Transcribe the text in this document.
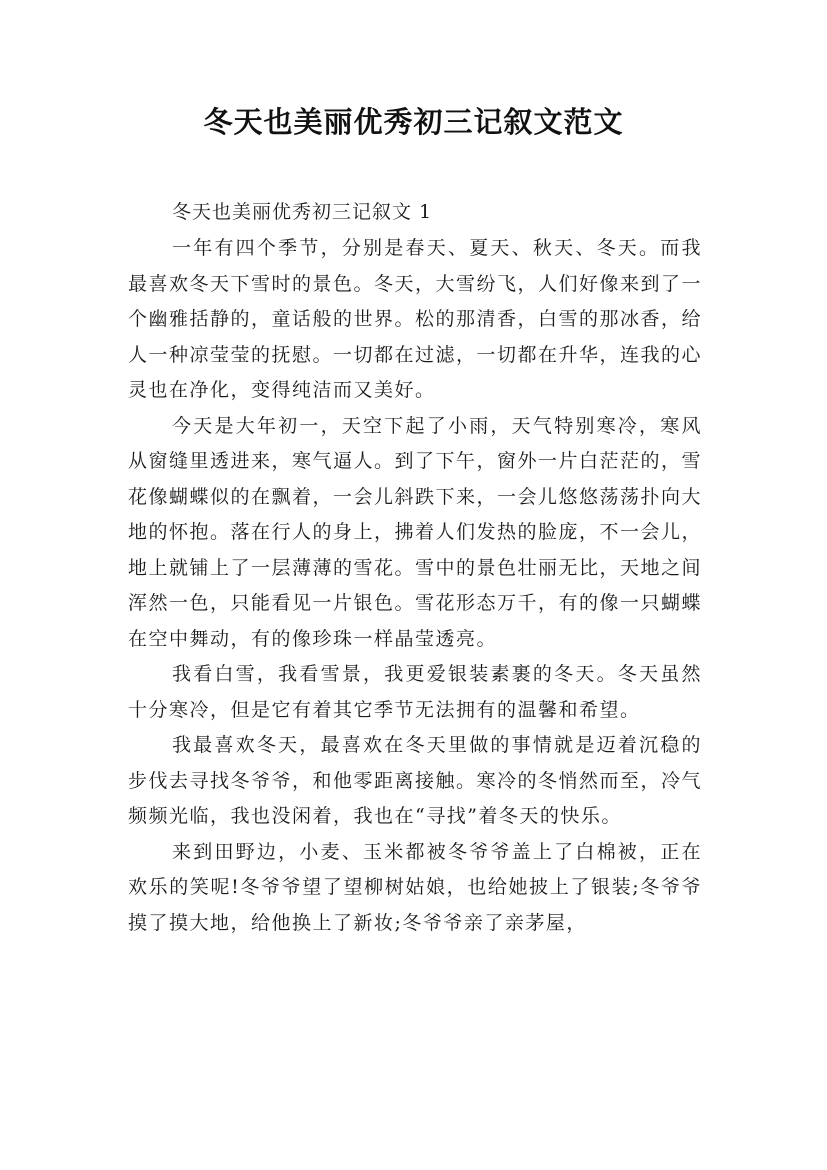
冬天也美丽优秀初三记叙文范文

冬天也美丽优秀初三记叙文 1

一年有四个季节，分别是春天、夏天、秋天、冬天。而我最喜欢冬天下雪时的景色。冬天，大雪纷飞，人们好像来到了一个幽雅括静的，童话般的世界。松的那清香，白雪的那冰香，给人一种凉莹莹的抚慰。一切都在过滤，一切都在升华，连我的心灵也在净化，变得纯洁而又美好。

今天是大年初一，天空下起了小雨，天气特别寒冷，寒风从窗缝里透进来，寒气逼人。到了下午，窗外一片白茫茫的，雪花像蝴蝶似的在飘着，一会儿斜跌下来，一会儿悠悠荡荡扑向大地的怀抱。落在行人的身上，拂着人们发热的脸庞，不一会儿，地上就铺上了一层薄薄的雪花。雪中的景色壮丽无比，天地之间浑然一色，只能看见一片银色。雪花形态万千，有的像一只蝴蝶在空中舞动，有的像珍珠一样晶莹透亮。

我看白雪，我看雪景，我更爱银装素裹的冬天。冬天虽然十分寒冷，但是它有着其它季节无法拥有的温馨和希望。

我最喜欢冬天，最喜欢在冬天里做的事情就是迈着沉稳的步伐去寻找冬爷爷，和他零距离接触。寒冷的冬悄然而至，冷气频频光临，我也没闲着，我也在“寻找”着冬天的快乐。

来到田野边，小麦、玉米都被冬爷爷盖上了白棉被，正在欢乐的笑呢!冬爷爷望了望柳树姑娘，也给她披上了银装;冬爷爷摸了摸大地，给他换上了新妆;冬爷爷亲了亲茅屋，
